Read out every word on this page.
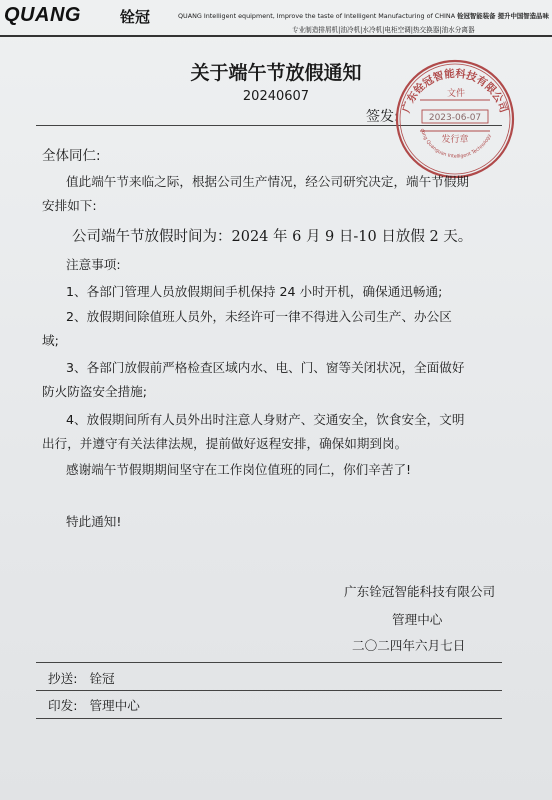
QUANG	铨冠	QUANG Intelligent equipment, Improve the taste of Intelligent Manufacturing of CHINA 铨冠智能装备 提升中国智造品味
专业制造排屑机|油冷机|水冷机|电柜空调|热交换器|油水分离器
关于端午节放假通知
20240607
签发:
广东铨冠智能科技有限公司
dong Quanguan Intelligent Technology
文件
2023-06-07
发行章
全体同仁:
值此端午节来临之际，根据公司生产情况，经公司研究决定，端午节假期
安排如下:
公司端午节放假时间为：2024 年 6 月 9 日-10 日放假 2 天。
注意事项:
1、各部门管理人员放假期间手机保持 24 小时开机，确保通迅畅通;
2、放假期间除值班人员外，未经许可一律不得进入公司生产、办公区
域;
3、各部门放假前严格检查区域内水、电、门、窗等关闭状况，全面做好
防火防盗安全措施;
4、放假期间所有人员外出时注意人身财产、交通安全，饮食安全，文明
出行，并遵守有关法律法规，提前做好返程安排，确保如期到岗。
感谢端午节假期期间坚守在工作岗位值班的同仁，你们辛苦了!
特此通知!
广东铨冠智能科技有限公司
管理中心
二〇二四年六月七日
抄送: 铨冠
印发: 管理中心
